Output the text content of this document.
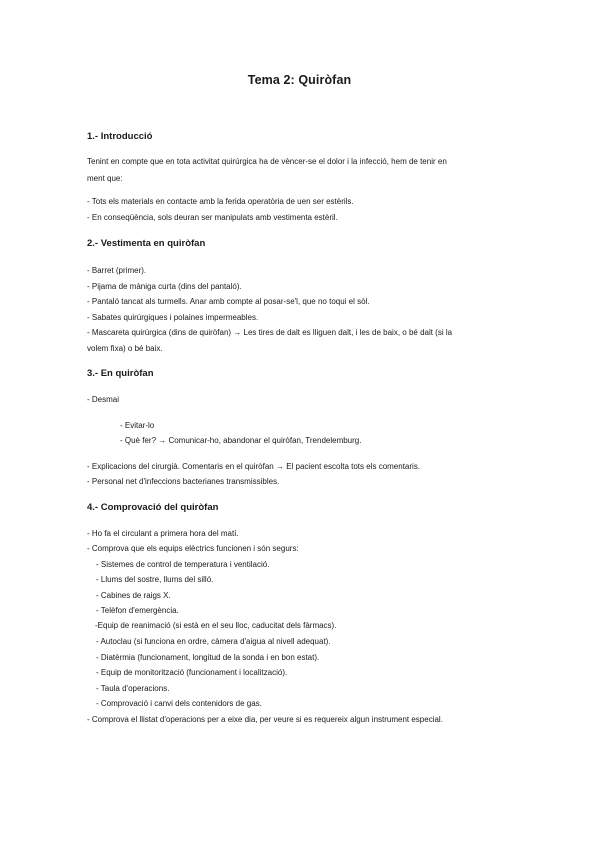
Tema 2: Quiròfan
1.- Introducció
Tenint en compte que en tota activitat quirúrgica ha de vèncer-se el dolor i la infecció, hem de tenir en
ment que:
- Tots els materials en contacte amb la ferida operatòria de uen ser estèrils.
- En conseqüència, sols deuran ser manipulats amb vestimenta estèril.
2.- Vestimenta en quiròfan
- Barret (primer).
- Pijama de màniga curta (dins del pantaló).
- Pantaló tancat als turmells. Anar amb compte al posar-se'l, que no toqui el sòl.
- Sabates quirúrgiques i polaines impermeables.
- Mascareta quirúrgica (dins de quiròfan) → Les tires de dalt es lliguen dalt, i les de baix, o bé dalt (si la
volem fixa) o bé baix.
3.- En quiròfan
- Desmai
- Evitar-lo
- Què fer? → Comunicar-ho, abandonar el quiròfan, Trendelemburg.
- Explicacions del cirurgià. Comentaris en el quiròfan → El pacient escolta tots els comentaris.
- Personal net d'infeccions bacterianes transmissibles.
4.- Comprovació del quiròfan
- Ho fa el circulant a primera hora del matí.
- Comprova que els equips elèctrics funcionen i són segurs:
- Sistemes de control de temperatura i ventilació.
- Llums del sostre, llums del silló.
- Cabines de raigs X.
- Telèfon d'emergència.
-Equip de reanimació (si està en el seu lloc, caducitat dels fàrmacs).
- Autoclau (si funciona en ordre, càmera d'aigua al nivell adequat).
- Diatèrmia (funcionament, longitud de la sonda i en bon estat).
- Equip de monitorització (funcionament i localització).
- Taula d'operacions.
- Comprovació i canvi dels contenidors de gas.
- Comprova el llistat d'operacions per a eixe dia, per veure si es requereix algun instrument especial.
